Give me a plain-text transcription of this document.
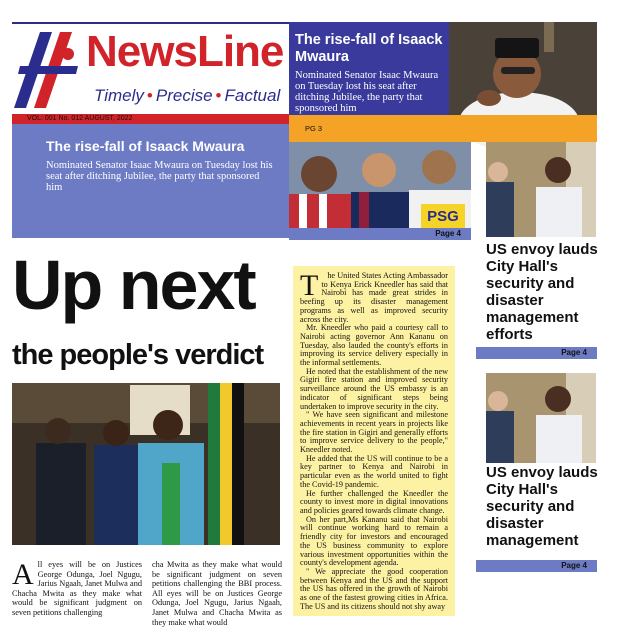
NewsLine
Timely • Precise • Factual
VOL: 001 No. 012 AUGUST, 2022
The rise-fall of Isaack Mwaura

Nominated Senator Isaac Mwaura on Tuesday lost his seat after ditching Jubilee, the party that sponsored him

The rise-fall of Isaack Mwaura

Nominated Senator Isaac Mwaura on Tuesday lost his seat after ditching Jubilee, the party that sponsored him

PG 3
PSG
Page 4
US envoy lauds City Hall's security and disaster management efforts
Page 4
US envoy lauds City Hall's security and disaster management
Page 4
Up next
the people's verdict
T	he United States Acting Ambassador to Kenya Erick Kneedler has said that Nairobi has made great strides in beefing up its disaster management programs as well as improved security across the city.

Mr. Kneedler who paid a courtesy call to Nairobi acting governor Ann Kananu on Tuesday, also lauded the county's efforts in improving its service delivery especially in the informal settlements.

He noted that the establishment of the new Gigiri fire station and improved security surveillance around the US embassy is an indicator of significant steps being undertaken to improve security in the city.

" We have seen significant and milestone achievements in recent years in projects like the fire station in Gigiri and generally efforts to improve service delivery to the people," Kneedler noted.

He added that the US will continue to be a key partner to Kenya and Nairobi in particular even as the world united to fight the Covid-19 pandemic.

He further challenged the Kneedler the county to invest more in digital innovations and policies geared towards climate change.

On her part,Ms Kananu said that Nairobi will continue working hard to remain a friendly city for investors and encouraged the US business community to explore various investment opportunities within the county's development agenda.

" We appreciate the good cooperation between Kenya and the US and the support the US has offered in the growth of Nairobi as one of the fastest growing cities in Africa. The US and its citizens should not shy away

All eyes will be on Justices George Odunga, Joel Ngugu, Jarius Ngaah, Janet Mulwa and Chacha Mwita as they make what would be significant judgment on seven petitions challenging
cha Mwita as they make what would be significant judgment on seven petitions challenging the BBI process. All eyes will be on Justices George Odunga, Joel Ngugu, Jarius Ngaah, Janet Mulwa and Chacha Mwita as they make what would
